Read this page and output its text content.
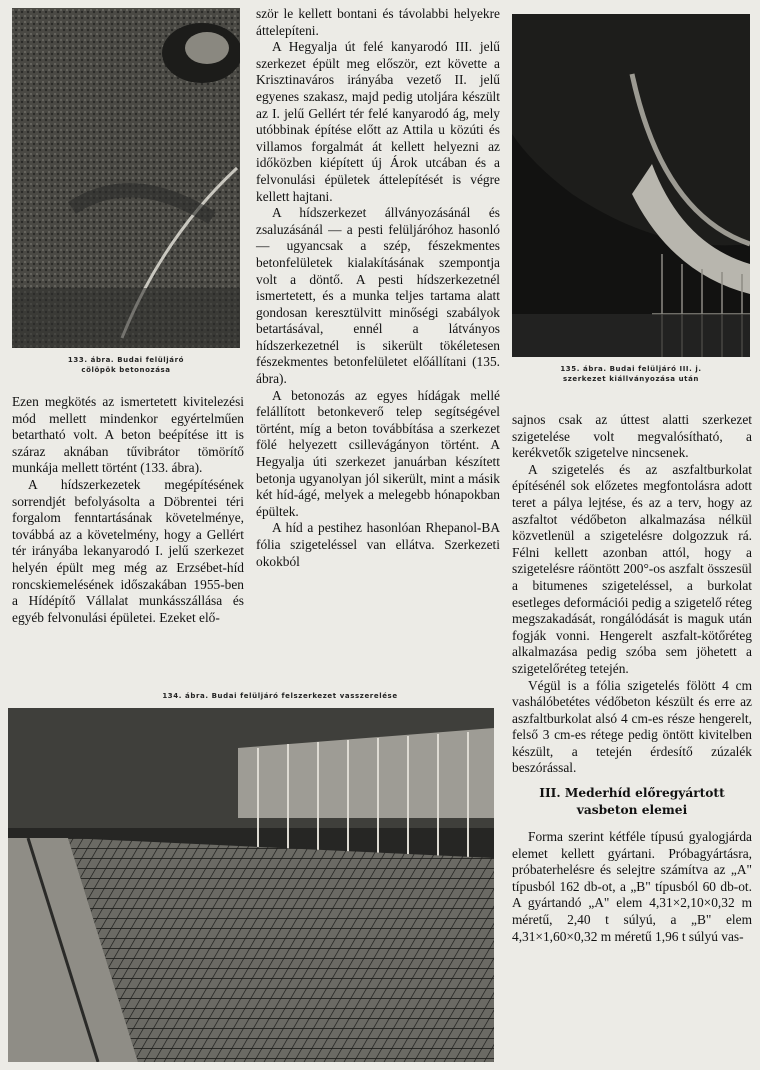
133. ábra. Budai felüljáró
cölöpök betonozása	135. ábra. Budai felüljáró III. j.
szerkezet kiállványozása után
134. ábra. Budai felüljáró felszerkezet vasszerelése

Ezen megkötés az ismertetett kivitelezési mód mellett mindenkor egyértelműen betartható volt. A beton beépítése itt is száraz aknában tűvibrátor tömörítő munkája mellett történt (133. ábra).

A hídszerkezetek megépítésének sorrendjét befolyásolta a Döbrentei téri forgalom fenntartásának követelménye, továbbá az a követelmény, hogy a Gellért tér irányába lekanyarodó I. jelű szerkezet helyén épült meg még az Erzsébet-híd roncskiemelésének időszakában 1955-ben a Hídépítő Vállalat munkásszállása és egyéb felvonulási épületei. Ezeket elő-

ször le kellett bontani és távolabbi helyekre áttelepíteni.

A Hegyalja út felé kanyarodó III. jelű szerkezet épült meg először, ezt követte a Krisztinaváros irányába vezető II. jelű egyenes szakasz, majd pedig utoljára készült az I. jelű Gellért tér felé kanyarodó ág, mely utóbbinak építése előtt az Attila u közúti és villamos forgalmát át kellett helyezni az időközben kiépített új Árok utcában és a felvonulási épületek áttelepítését is végre kellett hajtani.

A hídszerkezet állványozásánál és zsaluzásánál — a pesti felüljáróhoz hasonló — ugyancsak a szép, fészekmentes betonfelületek kialakításának szempontja volt a döntő. A pesti hídszerkezetnél ismertetett, és a munka teljes tartama alatt gondosan keresztülvitt minőségi szabályok betartásával, ennél a látványos hídszerkezetnél is sikerült tökéletesen fészekmentes betonfelületet előállítani (135. ábra).

A betonozás az egyes hídágak mellé felállított betonkeverő telep segítségével történt, míg a beton továbbítása a szerkezet fölé helyezett csillevágányon történt. A Hegyalja úti szerkezet januárban készített betonja ugyanolyan jól sikerült, mint a másik két híd-ágé, melyek a melegebb hónapokban épültek.

A híd a pestihez hasonlóan Rhepanol-BA fólia szigeteléssel van ellátva. Szerkezeti okokból

sajnos csak az úttest alatti szerkezet szigetelése volt megvalósítható, a kerékvetők szigetelve nincsenek.

A szigetelés és az aszfaltburkolat építésénél sok előzetes megfontolásra adott teret a pálya lejtése, és az a terv, hogy az aszfaltot védőbeton alkalmazása nélkül közvetlenül a szigetelésre dolgozzuk rá. Félni kellett azonban attól, hogy a szigetelésre ráöntött 200°-os aszfalt összesül a bitumenes szigeteléssel, a burkolat esetleges deformációi pedig a szigetelő réteg megszakadását, rongálódását is maguk után fogják vonni. Hengerelt aszfalt-kötőréteg alkalmazása pedig szóba sem jöhetett a szigetelőréteg tetején.

Végül is a fólia szigetelés fölött 4 cm vashálóbetétes védőbeton készült és erre az aszfaltburkolat alsó 4 cm-es része hengerelt, felső 3 cm-es rétege pedig öntött kivitelben készült, a tetején érdesítő zúzalék beszórással.

III. Mederhíd előregyártott
vasbeton elemei

Forma szerint kétféle típusú gyalogjárda elemet kellett gyártani. Próbagyártásra, próbaterhelésre és selejtre számítva az „A" típusból 162 db-ot, a „B" típusból 60 db-ot. A gyártandó „A" elem 4,31×2,10×0,32 m méretű, 2,40 t súlyú, a „B" elem 4,31×1,60×0,32 m méretű 1,96 t súlyú vas-
